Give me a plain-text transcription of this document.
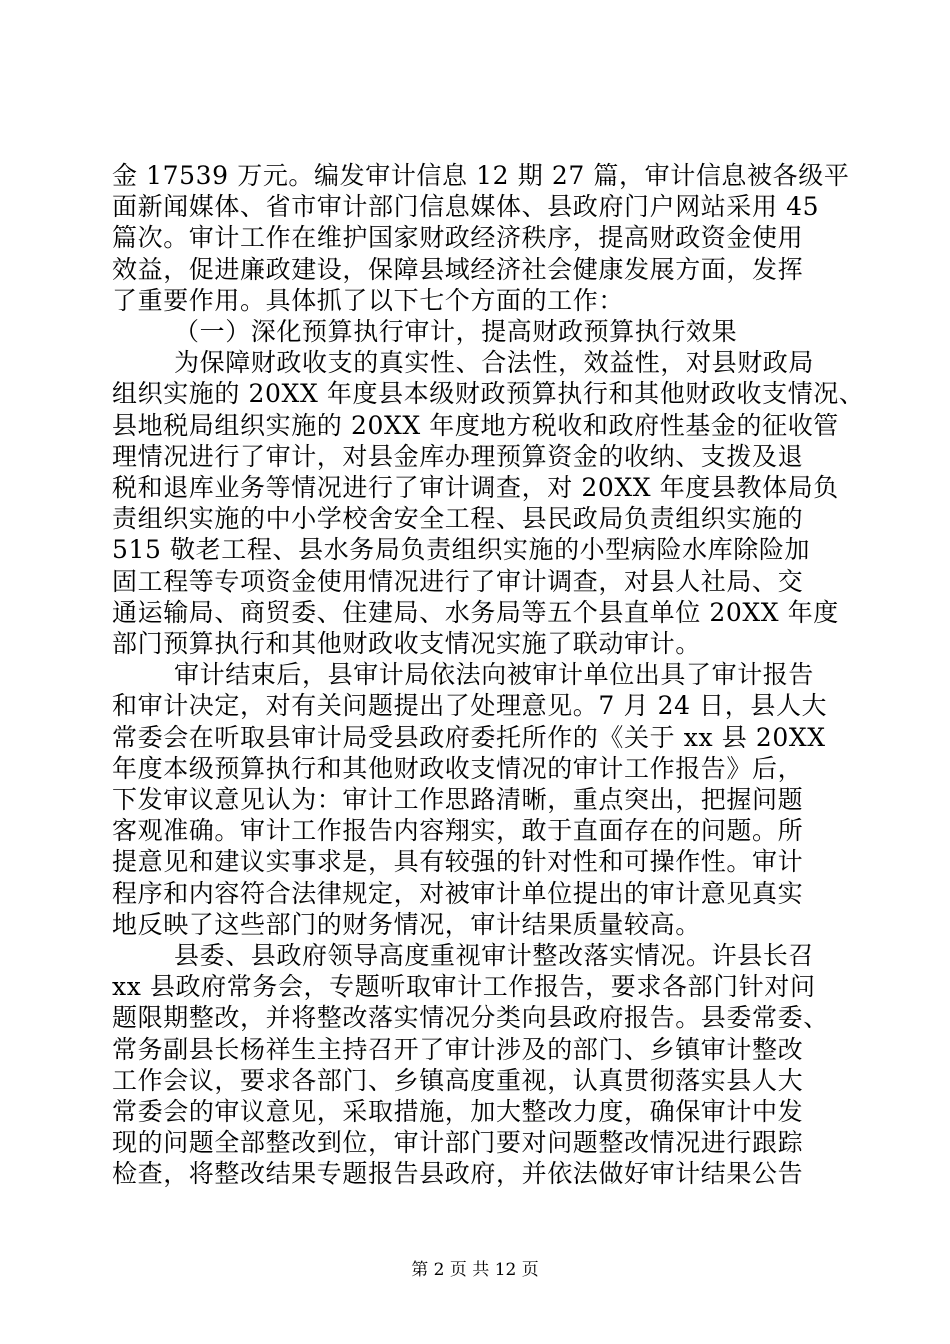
金 17539 万元。编发审计信息 12 期 27 篇，审计信息被各级平

面新闻媒体、省市审计部门信息媒体、县政府门户网站采用 45

篇次。审计工作在维护国家财政经济秩序，提高财政资金使用

效益，促进廉政建设，保障县域经济社会健康发展方面，发挥

了重要作用。具体抓了以下七个方面的工作：

（一）深化预算执行审计，提高财政预算执行效果

为保障财政收支的真实性、合法性，效益性，对县财政局

组织实施的 20XX 年度县本级财政预算执行和其他财政收支情况、

县地税局组织实施的 20XX 年度地方税收和政府性基金的征收管

理情况进行了审计，对县金库办理预算资金的收纳、支拨及退

税和退库业务等情况进行了审计调查，对 20XX 年度县教体局负

责组织实施的中小学校舍安全工程、县民政局负责组织实施的

515 敬老工程、县水务局负责组织实施的小型病险水库除险加

固工程等专项资金使用情况进行了审计调查，对县人社局、交

通运输局、商贸委、住建局、水务局等五个县直单位 20XX 年度

部门预算执行和其他财政收支情况实施了联动审计。

审计结束后，县审计局依法向被审计单位出具了审计报告

和审计决定，对有关问题提出了处理意见。7 月 24 日，县人大

常委会在听取县审计局受县政府委托所作的《关于 xx 县 20XX

年度本级预算执行和其他财政收支情况的审计工作报告》后，

下发审议意见认为：审计工作思路清晰，重点突出，把握问题

客观准确。审计工作报告内容翔实，敢于直面存在的问题。所

提意见和建议实事求是，具有较强的针对性和可操作性。审计

程序和内容符合法律规定，对被审计单位提出的审计意见真实

地反映了这些部门的财务情况，审计结果质量较高。

县委、县政府领导高度重视审计整改落实情况。许县长召

xx 县政府常务会，专题听取审计工作报告，要求各部门针对问

题限期整改，并将整改落实情况分类向县政府报告。县委常委、

常务副县长杨祥生主持召开了审计涉及的部门、乡镇审计整改

工作会议，要求各部门、乡镇高度重视，认真贯彻落实县人大

常委会的审议意见，采取措施，加大整改力度，确保审计中发

现的问题全部整改到位，审计部门要对问题整改情况进行跟踪

检查，将整改结果专题报告县政府，并依法做好审计结果公告

第 2 页 共 12 页
